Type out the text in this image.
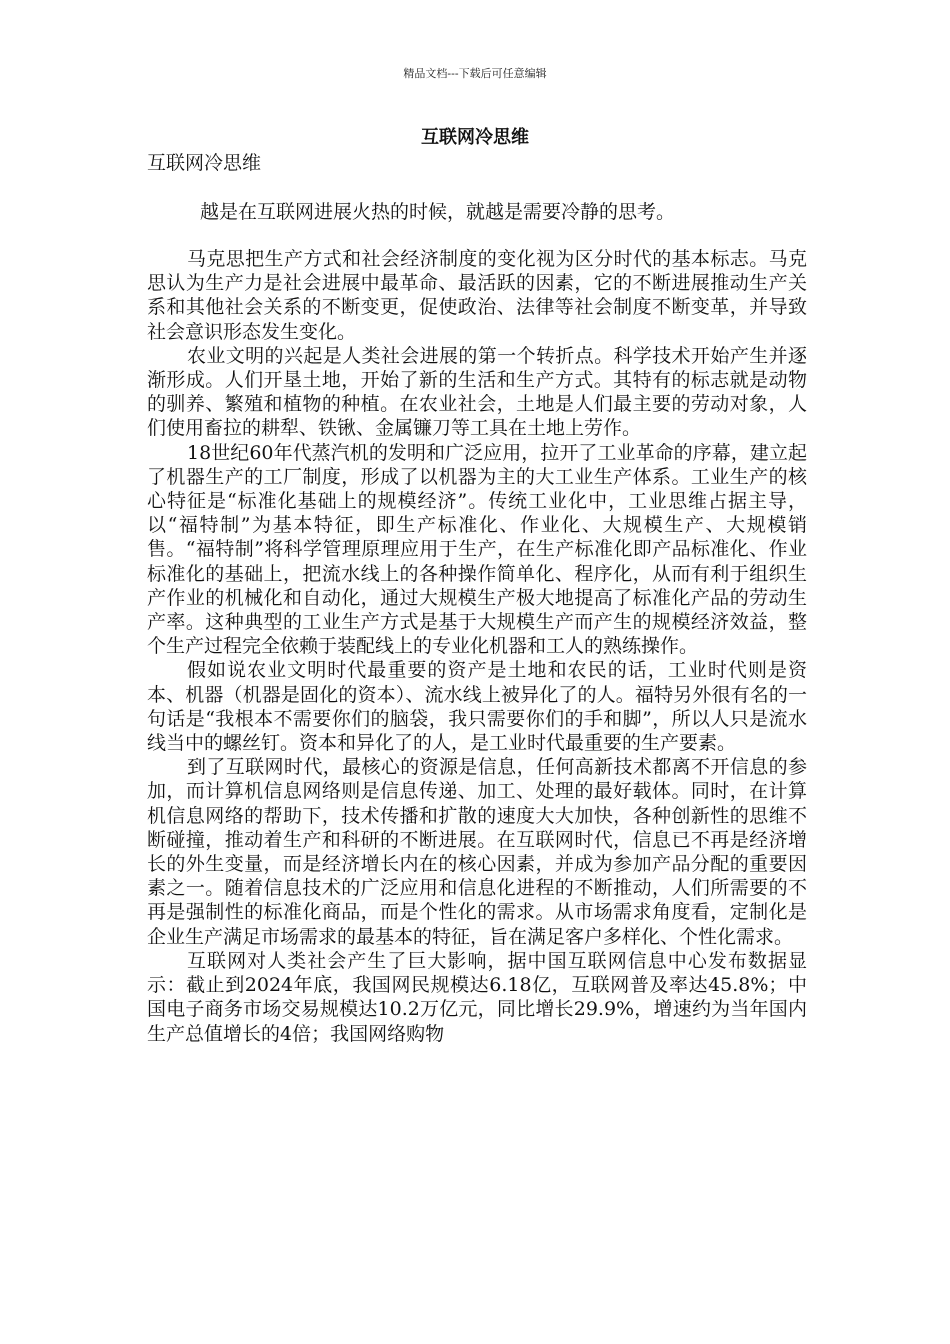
精品文档---下载后可任意编辑
互联网冷思维
互联网冷思维
越是在互联网进展火热的时候，就越是需要冷静的思考。

马克思把生产方式和社会经济制度的变化视为区分时代的基本标志。马克思认为生产力是社会进展中最革命、最活跃的因素，它的不断进展推动生产关系和其他社会关系的不断变更，促使政治、法律等社会制度不断变革，并导致社会意识形态发生变化。

农业文明的兴起是人类社会进展的第一个转折点。科学技术开始产生并逐渐形成。人们开垦土地，开始了新的生活和生产方式。其特有的标志就是动物的驯养、繁殖和植物的种植。在农业社会，土地是人们最主要的劳动对象，人们使用畜拉的耕犁、铁锹、金属镰刀等工具在土地上劳作。

18世纪60年代蒸汽机的发明和广泛应用，拉开了工业革命的序幕，建立起了机器生产的工厂制度，形成了以机器为主的大工业生产体系。工业生产的核心特征是“标准化基础上的规模经济”。传统工业化中，工业思维占据主导，以“福特制”为基本特征，即生产标准化、作业化、大规模生产、大规模销售。“福特制”将科学管理原理应用于生产，在生产标准化即产品标准化、作业标准化的基础上，把流水线上的各种操作简单化、程序化，从而有利于组织生产作业的机械化和自动化，通过大规模生产极大地提高了标准化产品的劳动生产率。这种典型的工业生产方式是基于大规模生产而产生的规模经济效益，整个生产过程完全依赖于装配线上的专业化机器和工人的熟练操作。

假如说农业文明时代最重要的资产是土地和农民的话，工业时代则是资本、机器（机器是固化的资本）、流水线上被异化了的人。福特另外很有名的一句话是“我根本不需要你们的脑袋，我只需要你们的手和脚”，所以人只是流水线当中的螺丝钉。资本和异化了的人，是工业时代最重要的生产要素。

到了互联网时代，最核心的资源是信息，任何高新技术都离不开信息的参加，而计算机信息网络则是信息传递、加工、处理的最好载体。同时，在计算机信息网络的帮助下，技术传播和扩散的速度大大加快，各种创新性的思维不断碰撞，推动着生产和科研的不断进展。在互联网时代，信息已不再是经济增长的外生变量，而是经济增长内在的核心因素，并成为参加产品分配的重要因素之一。随着信息技术的广泛应用和信息化进程的不断推动，人们所需要的不再是强制性的标准化商品，而是个性化的需求。从市场需求角度看，定制化是企业生产满足市场需求的最基本的特征，旨在满足客户多样化、个性化需求。

互联网对人类社会产生了巨大影响，据中国互联网信息中心发布数据显示：截止到2024年底，我国网民规模达6.18亿，互联网普及率达45.8%；中国电子商务市场交易规模达10.2万亿元，同比增长29.9%，增速约为当年国内生产总值增长的4倍；我国网络购物
